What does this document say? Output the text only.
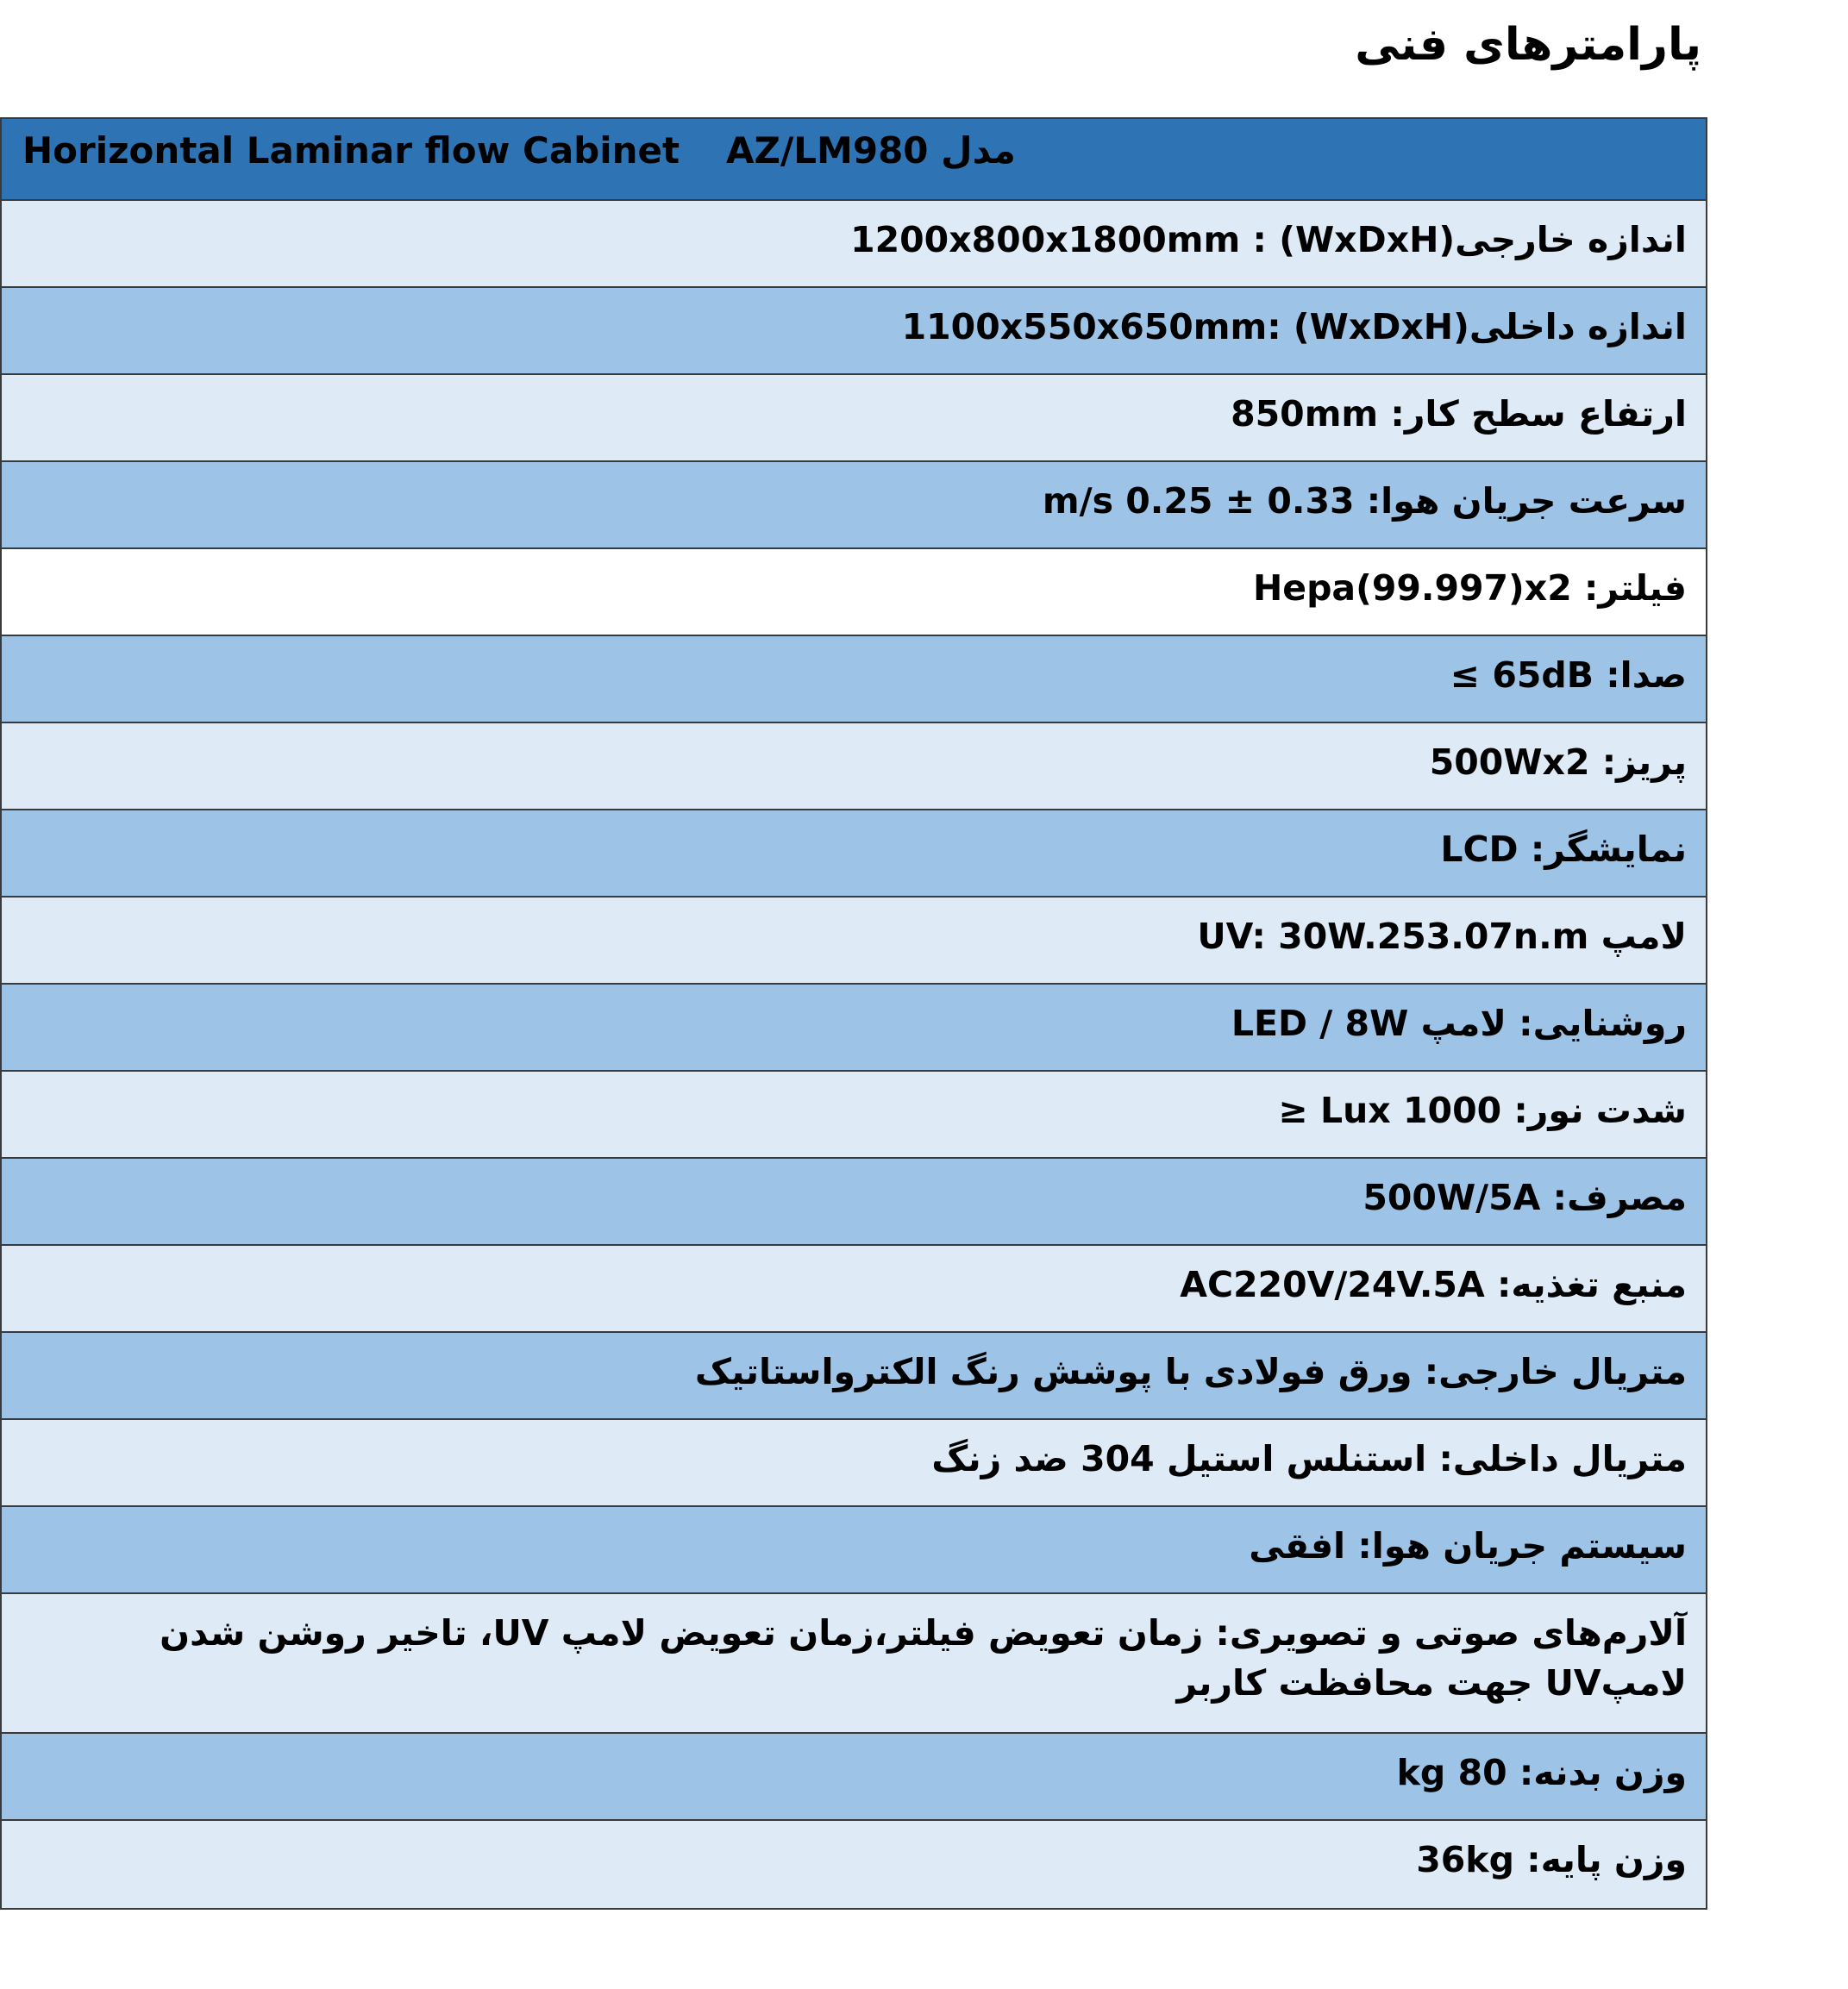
پارامترهای فنی
Horizontal Laminar flow Cabinet مدل AZ/LM980
اندازه خارجی(WxDxH) : 1200x800x1800mm
اندازه داخلی(WxDxH) :1100x550x650mm
ارتفاع سطح کار: 850mm
سرعت جریان هوا: 0.33 ± 0.25 m/s
فیلتر: Hepa(99.997)x2
صدا: 65dB ≥
پریز: 500Wx2
نمایشگر: LCD
لامپ UV: 30W.253.07n.m
روشنایی: لامپ LED / 8W
شدت نور: 1000 Lux ≤
مصرف: 500W/5A
منبع تغذیه: AC220V/24V.5A
متریال خارجی: ورق فولادی با پوشش رنگ الکترواستاتیک
متریال داخلی: استنلس استیل 304 ضد زنگ
سیستم جریان هوا: افقی
آلارم‌های صوتی و تصویری: زمان تعویض فیلتر،زمان تعویض لامپ UV، تاخیر روشن شدن لامپUV جهت محافظت کاربر
وزن بدنه: 80 kg
وزن پایه: 36kg
